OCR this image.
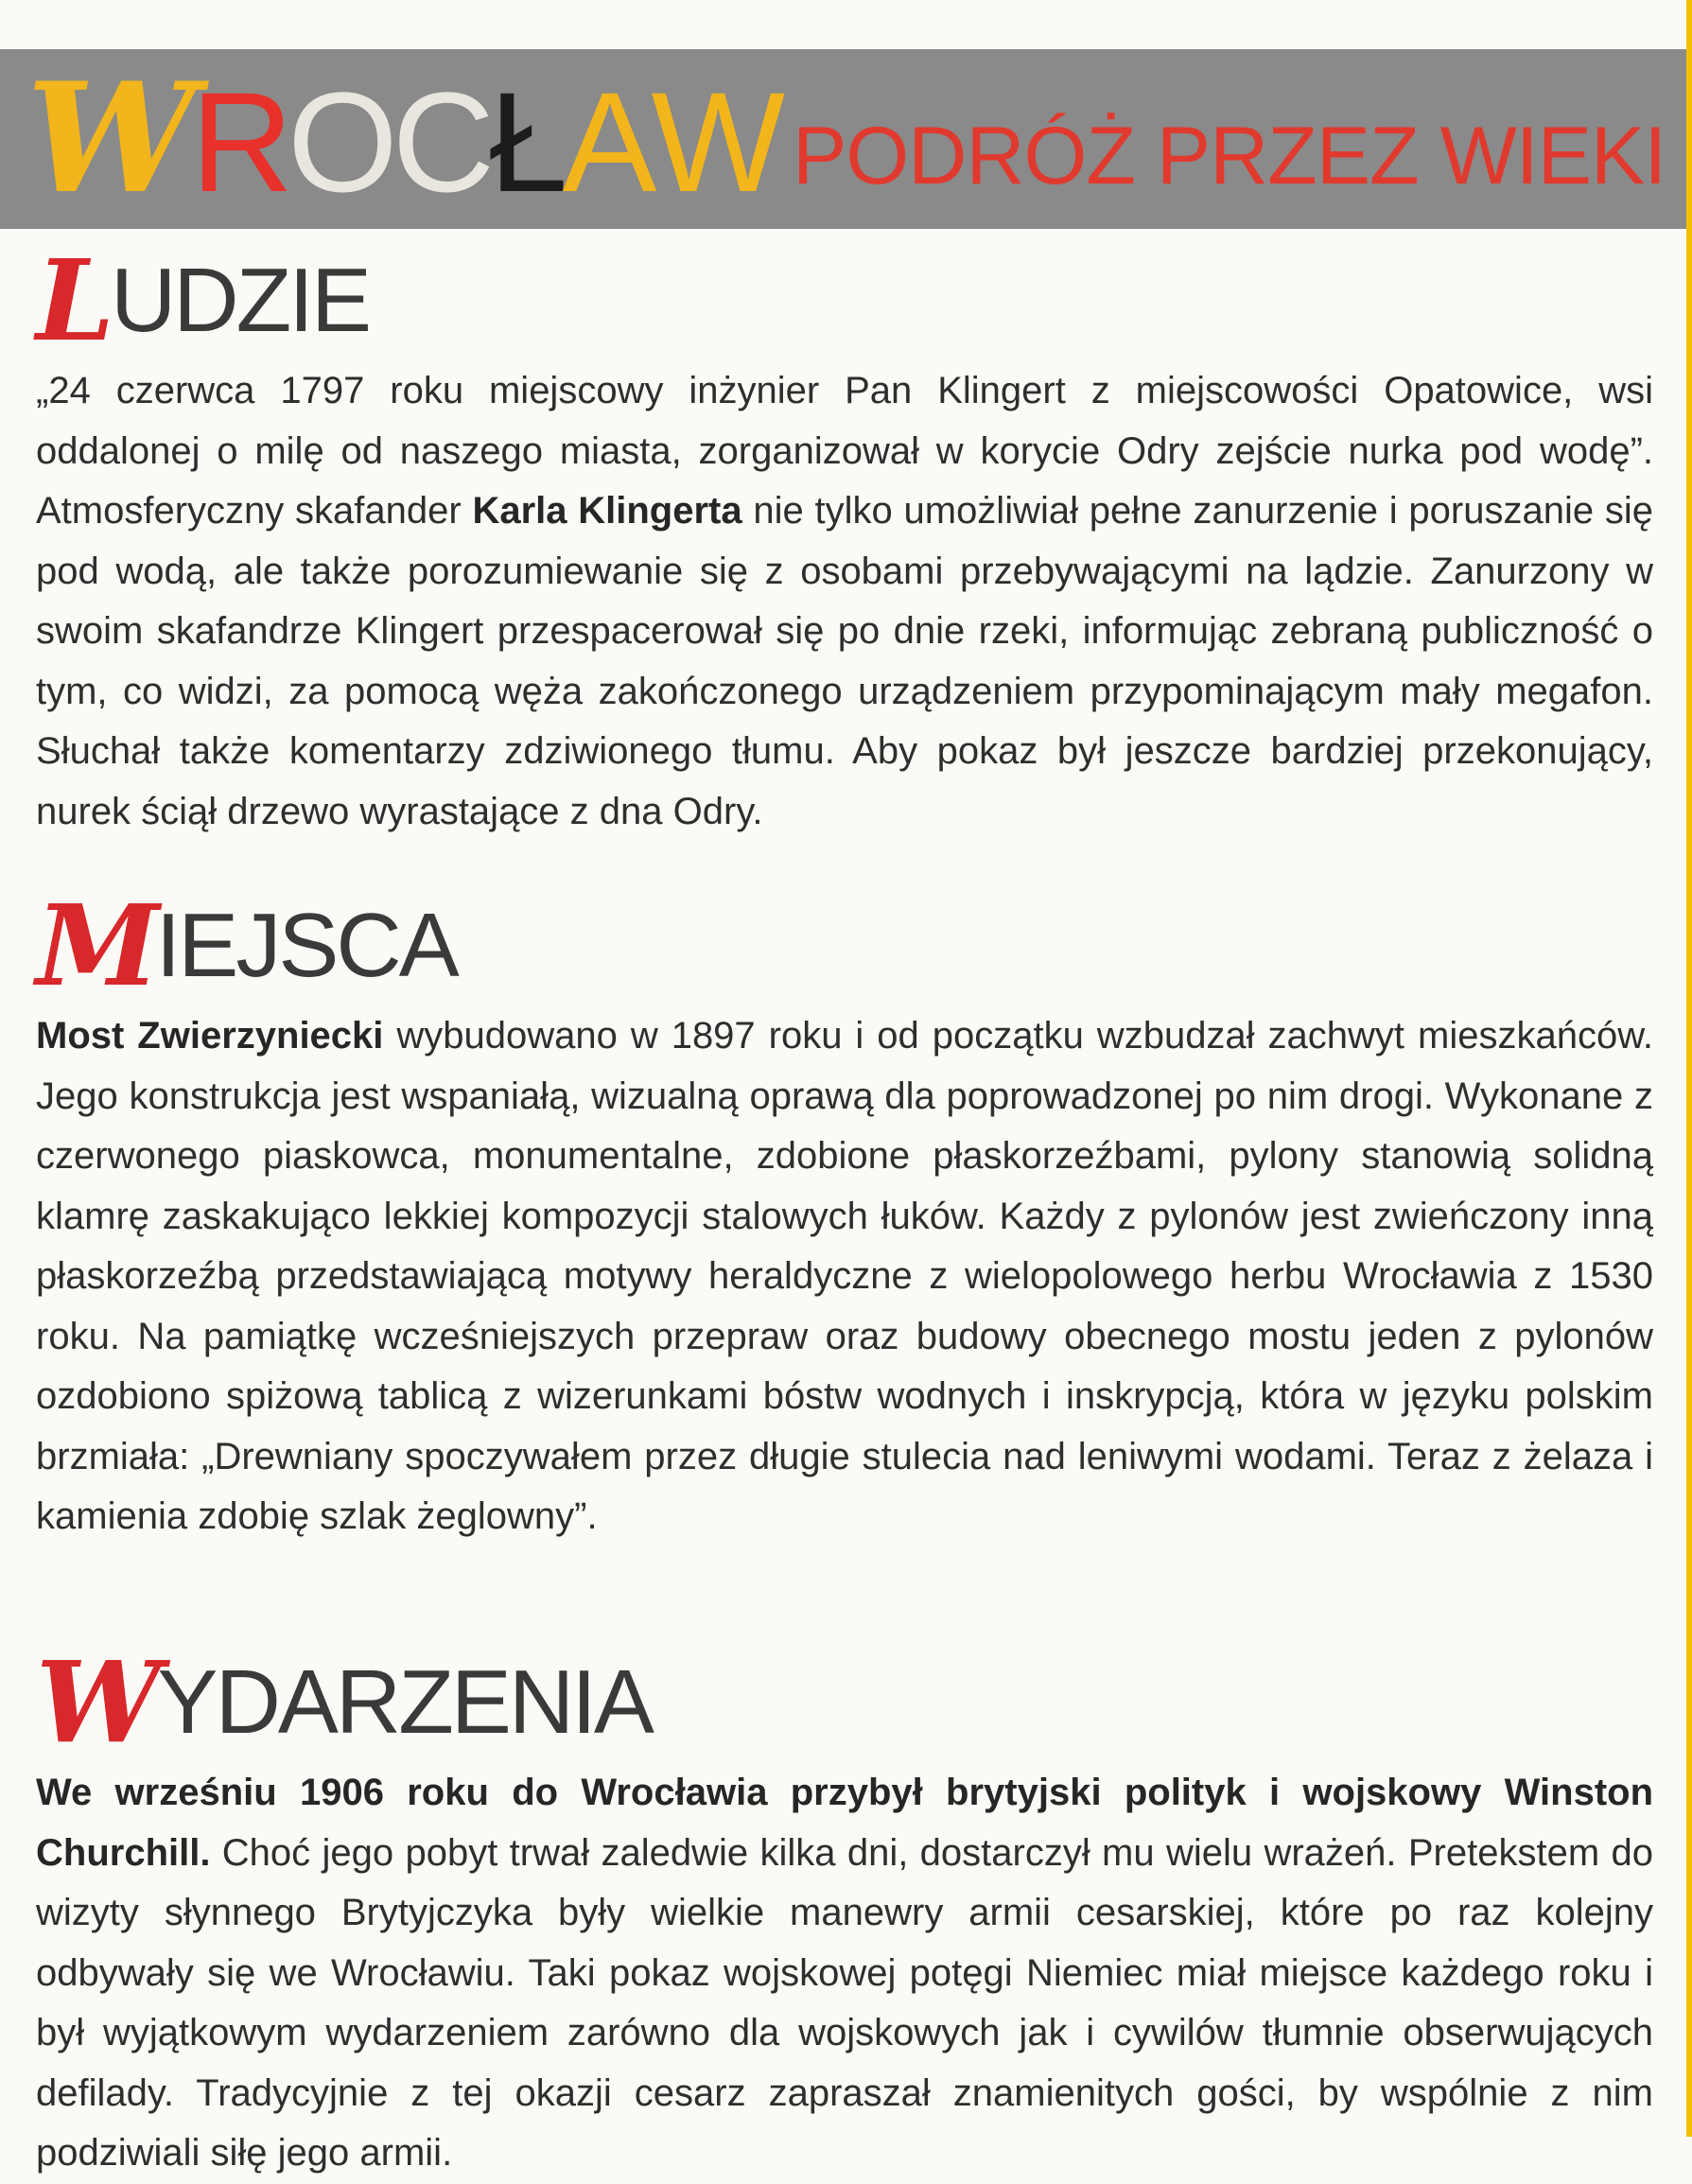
WROCŁAW PODRÓŻ PRZEZ WIEKI
LUDZIE

„24 czerwca 1797 roku miejscowy inżynier Pan Klingert z miejscowości Opatowice, wsi oddalonej o milę od naszego miasta, zorganizował w korycie Odry zejście nurka pod wodę”. Atmosferyczny skafander Karla Klingerta nie tylko umożliwiał pełne zanurzenie i poruszanie się pod wodą, ale także porozumiewanie się z osobami przebywającymi na lądzie. Zanurzony w swoim skafandrze Klingert przespacerował się po dnie rzeki, informując zebraną publiczność o tym, co widzi, za pomocą węża zakończonego urządzeniem przypominającym mały megafon. Słuchał także komentarzy zdziwionego tłumu. Aby pokaz był jeszcze bardziej przekonujący, nurek ściął drzewo wyrastające z dna Odry.

MIEJSCA

Most Zwierzyniecki wybudowano w 1897 roku i od początku wzbudzał zachwyt mieszkańców. Jego konstrukcja jest wspaniałą, wizualną oprawą dla poprowadzonej po nim drogi. Wykonane z czerwonego piaskowca, monumentalne, zdobione płaskorzeźbami, pylony stanowią solidną klamrę zaskakująco lekkiej kompozycji stalowych łuków. Każdy z pylonów jest zwieńczony inną płaskorzeźbą przedstawiającą motywy heraldyczne z wielopolowego herbu Wrocławia z 1530 roku. Na pamiątkę wcześniejszych przepraw oraz budowy obecnego mostu jeden z pylonów ozdobiono spiżową tablicą z wizerunkami bóstw wodnych i inskrypcją, która w języku polskim brzmiała: „Drewniany spoczywałem przez długie stulecia nad leniwymi wodami. Teraz z żelaza i kamienia zdobię szlak żeglowny”.

WYDARZENIA

We wrześniu 1906 roku do Wrocławia przybył brytyjski polityk i wojskowy Winston Churchill. Choć jego pobyt trwał zaledwie kilka dni, dostarczył mu wielu wrażeń. Pretekstem do wizyty słynnego Brytyjczyka były wielkie manewry armii cesarskiej, które po raz kolejny odbywały się we Wrocławiu. Taki pokaz wojskowej potęgi Niemiec miał miejsce każdego roku i był wyjątkowym wydarzeniem zarówno dla wojskowych jak i cywilów tłumnie obserwujących defilady. Tradycyjnie z tej okazji cesarz zapraszał znamienitych gości, by wspólnie z nim podziwiali siłę jego armii.
